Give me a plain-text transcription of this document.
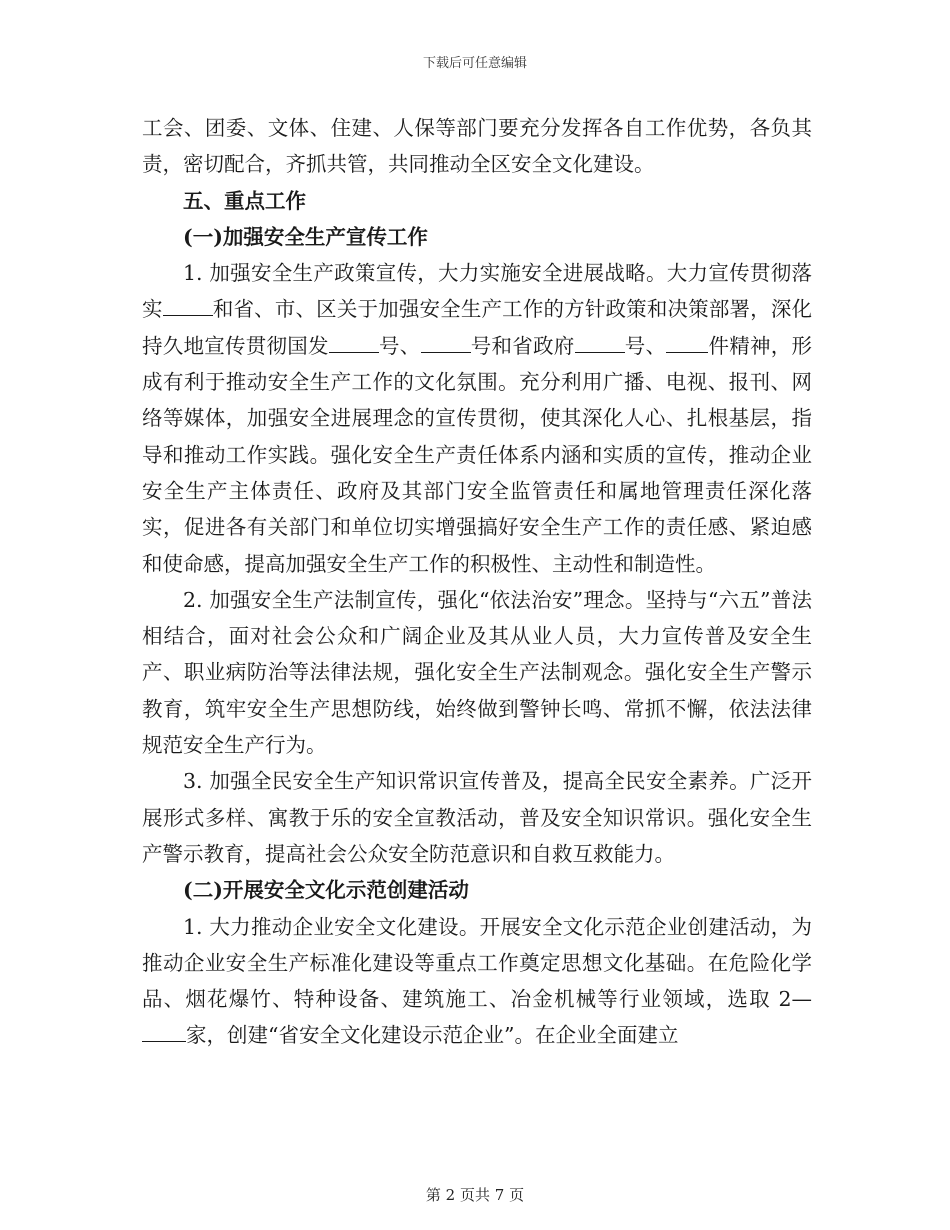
下载后可任意编辑

工会、团委、文体、住建、人保等部门要充分发挥各自工作优势，各负其责，密切配合，齐抓共管，共同推动全区安全文化建设。

五、重点工作

(一)加强安全生产宣传工作

1. 加强安全生产政策宣传，大力实施安全进展战略。大力宣传贯彻落实 和省、市、区关于加强安全生产工作的方针政策和决策部署，深化持久地宣传贯彻国发 号、 号和省政府 号、 件精神，形成有利于推动安全生产工作的文化氛围。充分利用广播、电视、报刊、网络等媒体，加强安全进展理念的宣传贯彻，使其深化人心、扎根基层，指导和推动工作实践。强化安全生产责任体系内涵和实质的宣传，推动企业安全生产主体责任、政府及其部门安全监管责任和属地管理责任深化落实，促进各有关部门和单位切实增强搞好安全生产工作的责任感、紧迫感和使命感，提高加强安全生产工作的积极性、主动性和制造性。

2. 加强安全生产法制宣传，强化“依法治安”理念。坚持与“六五”普法相结合，面对社会公众和广阔企业及其从业人员，大力宣传普及安全生产、职业病防治等法律法规，强化安全生产法制观念。强化安全生产警示教育，筑牢安全生产思想防线，始终做到警钟长鸣、常抓不懈，依法法律规范安全生产行为。

3. 加强全民安全生产知识常识宣传普及，提高全民安全素养。广泛开展形式多样、寓教于乐的安全宣教活动，普及安全知识常识。强化安全生产警示教育，提高社会公众安全防范意识和自救互救能力。

(二)开展安全文化示范创建活动

1. 大力推动企业安全文化建设。开展安全文化示范企业创建活动，为推动企业安全生产标准化建设等重点工作奠定思想文化基础。在危险化学品、烟花爆竹、特种设备、建筑施工、冶金机械等行业领域，选取 2—家，创建“省安全文化建设示范企业”。在企业全面建立

第 2 页共 7 页
